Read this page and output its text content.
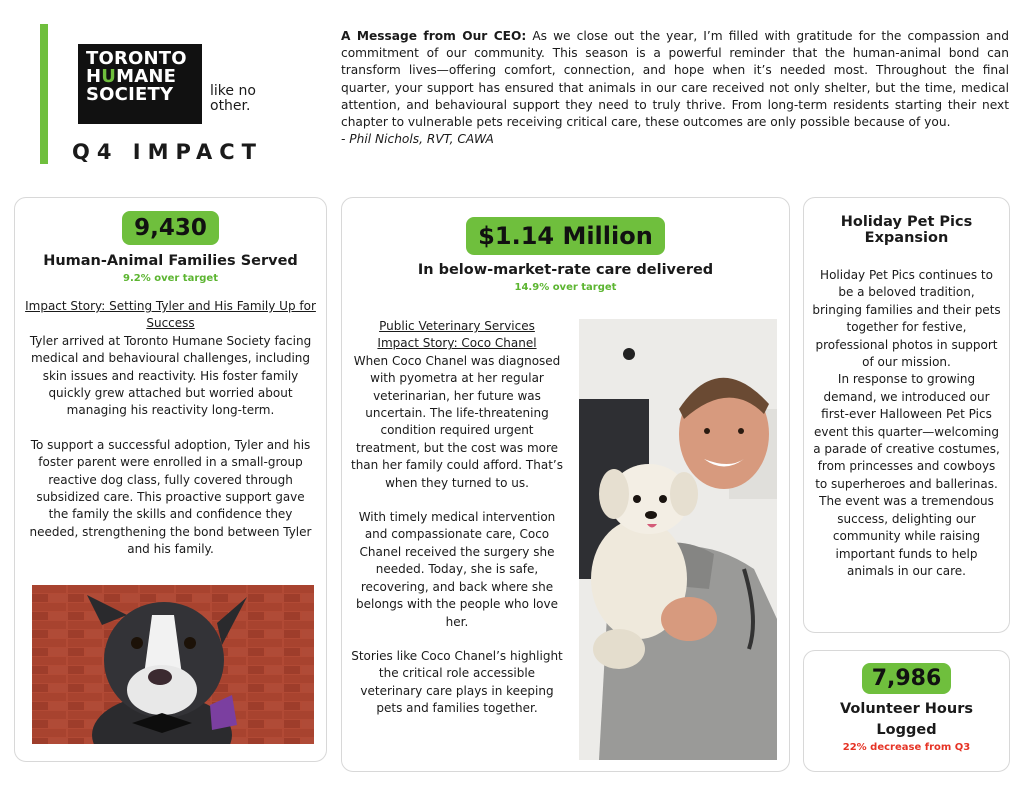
TORONTO
HUMANE
SOCIETY	like no other.
Q4 IMPACT
A Message from Our CEO: As we close out the year, I’m filled with gratitude for the compassion and commitment of our community. This season is a powerful reminder that the human-animal bond can transform lives—offering comfort, connection, and hope when it’s needed most. Throughout the final quarter, your support has ensured that animals in our care received not only shelter, but the time, medical attention, and behavioural support they need to truly thrive. From long-term residents starting their next chapter to vulnerable pets receiving critical care, these outcomes are only possible because of you.
- Phil Nichols, RVT, CAWA
9,430
Human-Animal Families Served
9.2% over target
Impact Story: Setting Tyler and His Family Up for Success
Tyler arrived at Toronto Humane Society facing medical and behavioural challenges, including skin issues and reactivity. His foster family quickly grew attached but worried about managing his reactivity long-term.
To support a successful adoption, Tyler and his foster parent were enrolled in a small-group reactive dog class, fully covered through subsidized care. This proactive support gave the family the skills and confidence they needed, strengthening the bond between Tyler and his family.
$1.14 Million
In below-market-rate care delivered
14.9% over target
Public Veterinary Services
Impact Story: Coco Chanel
When Coco Chanel was diagnosed with pyometra at her regular veterinarian, her future was uncertain. The life-threatening condition required urgent treatment, but the cost was more than her family could afford. That’s when they turned to us.
With timely medical intervention and compassionate care, Coco Chanel received the surgery she needed. Today, she is safe, recovering, and back where she belongs with the people who love her.
Stories like Coco Chanel’s highlight the critical role accessible veterinary care plays in keeping pets and families together.
Holiday Pet Pics Expansion
Holiday Pet Pics continues to be a beloved tradition, bringing families and their pets together for festive, professional photos in support of our mission.
In response to growing demand, we introduced our first-ever Halloween Pet Pics event this quarter—welcoming a parade of creative costumes, from princesses and cowboys to superheroes and ballerinas.
The event was a tremendous success, delighting our community while raising important funds to help animals in our care.
7,986
Volunteer Hours Logged
22% decrease from Q3
